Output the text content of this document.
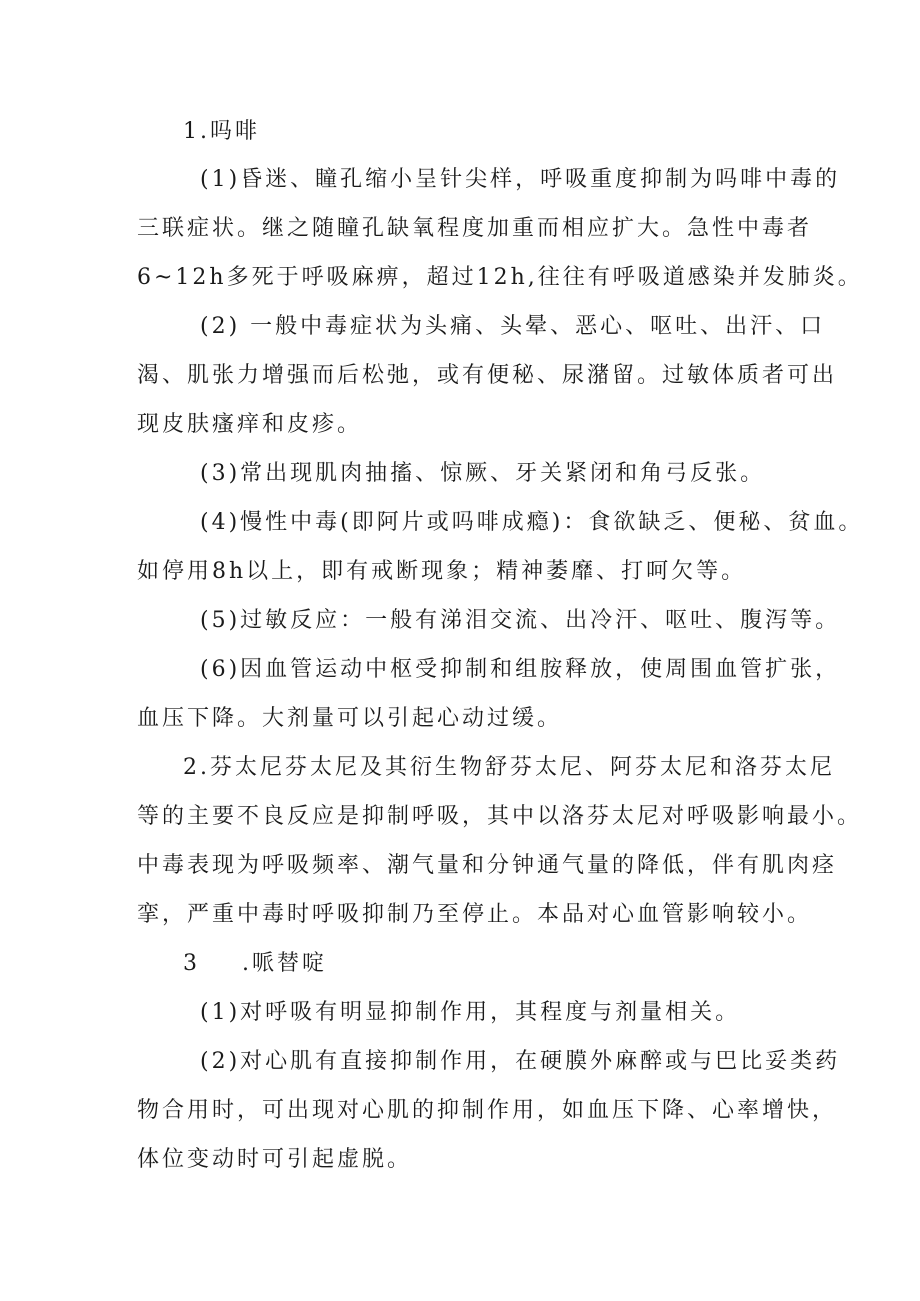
1.吗啡
(1)昏迷、瞳孔缩小呈针尖样，呼吸重度抑制为吗啡中毒的
三联症状。继之随瞳孔缺氧程度加重而相应扩大。急性中毒者
6~12h多死于呼吸麻痹，超过12h,往往有呼吸道感染并发肺炎。
(2) 一般中毒症状为头痛、头晕、恶心、呕吐、出汗、口
渴、肌张力增强而后松弛，或有便秘、尿潴留。过敏体质者可出
现皮肤瘙痒和皮疹。
(3)常出现肌肉抽搐、惊厥、牙关紧闭和角弓反张。
(4)慢性中毒(即阿片或吗啡成瘾)：食欲缺乏、便秘、贫血。
如停用8h以上，即有戒断现象；精神萎靡、打呵欠等。
(5)过敏反应：一般有涕泪交流、出冷汗、呕吐、腹泻等。
(6)因血管运动中枢受抑制和组胺释放，使周围血管扩张，
血压下降。大剂量可以引起心动过缓。
2.芬太尼芬太尼及其衍生物舒芬太尼、阿芬太尼和洛芬太尼
等的主要不良反应是抑制呼吸，其中以洛芬太尼对呼吸影响最小。
中毒表现为呼吸频率、潮气量和分钟通气量的降低，伴有肌肉痉
挛，严重中毒时呼吸抑制乃至停止。本品对心血管影响较小。
3 .哌替啶
(1)对呼吸有明显抑制作用，其程度与剂量相关。
(2)对心肌有直接抑制作用，在硬膜外麻醉或与巴比妥类药
物合用时，可出现对心肌的抑制作用，如血压下降、心率增快，
体位变动时可引起虚脱。
